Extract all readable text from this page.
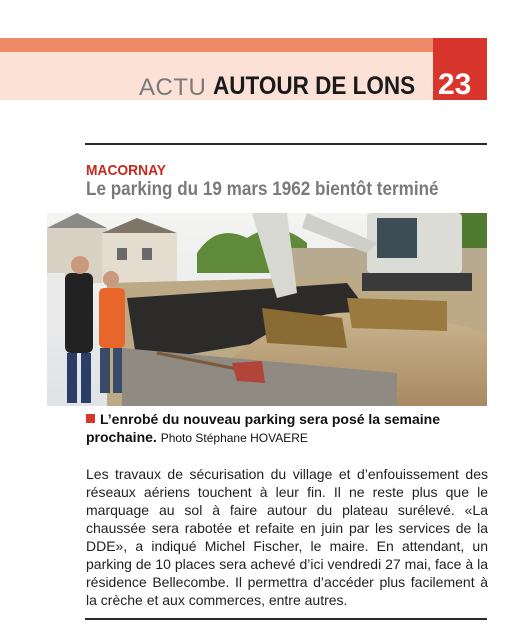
ACTU AUTOUR DE LONS 23
MACORNAY
Le parking du 19 mars 1962 bientôt terminé
L’enrobé du nouveau parking sera posé la semaine prochaine. Photo Stéphane HOVAERE
Les travaux de sécurisation du village et d’enfouissement des réseaux aériens touchent à leur fin. Il ne reste plus que le marquage au sol à faire autour du plateau surélevé. «La chaussée sera rabotée et refaite en juin par les services de la DDE», a indiqué Michel Fischer, le maire. En attendant, un parking de 10 places sera achevé d’ici vendredi 27 mai, face à la résidence Bellecombe. Il permettra d’accéder plus facilement à la crèche et aux commerces, entre autres.
